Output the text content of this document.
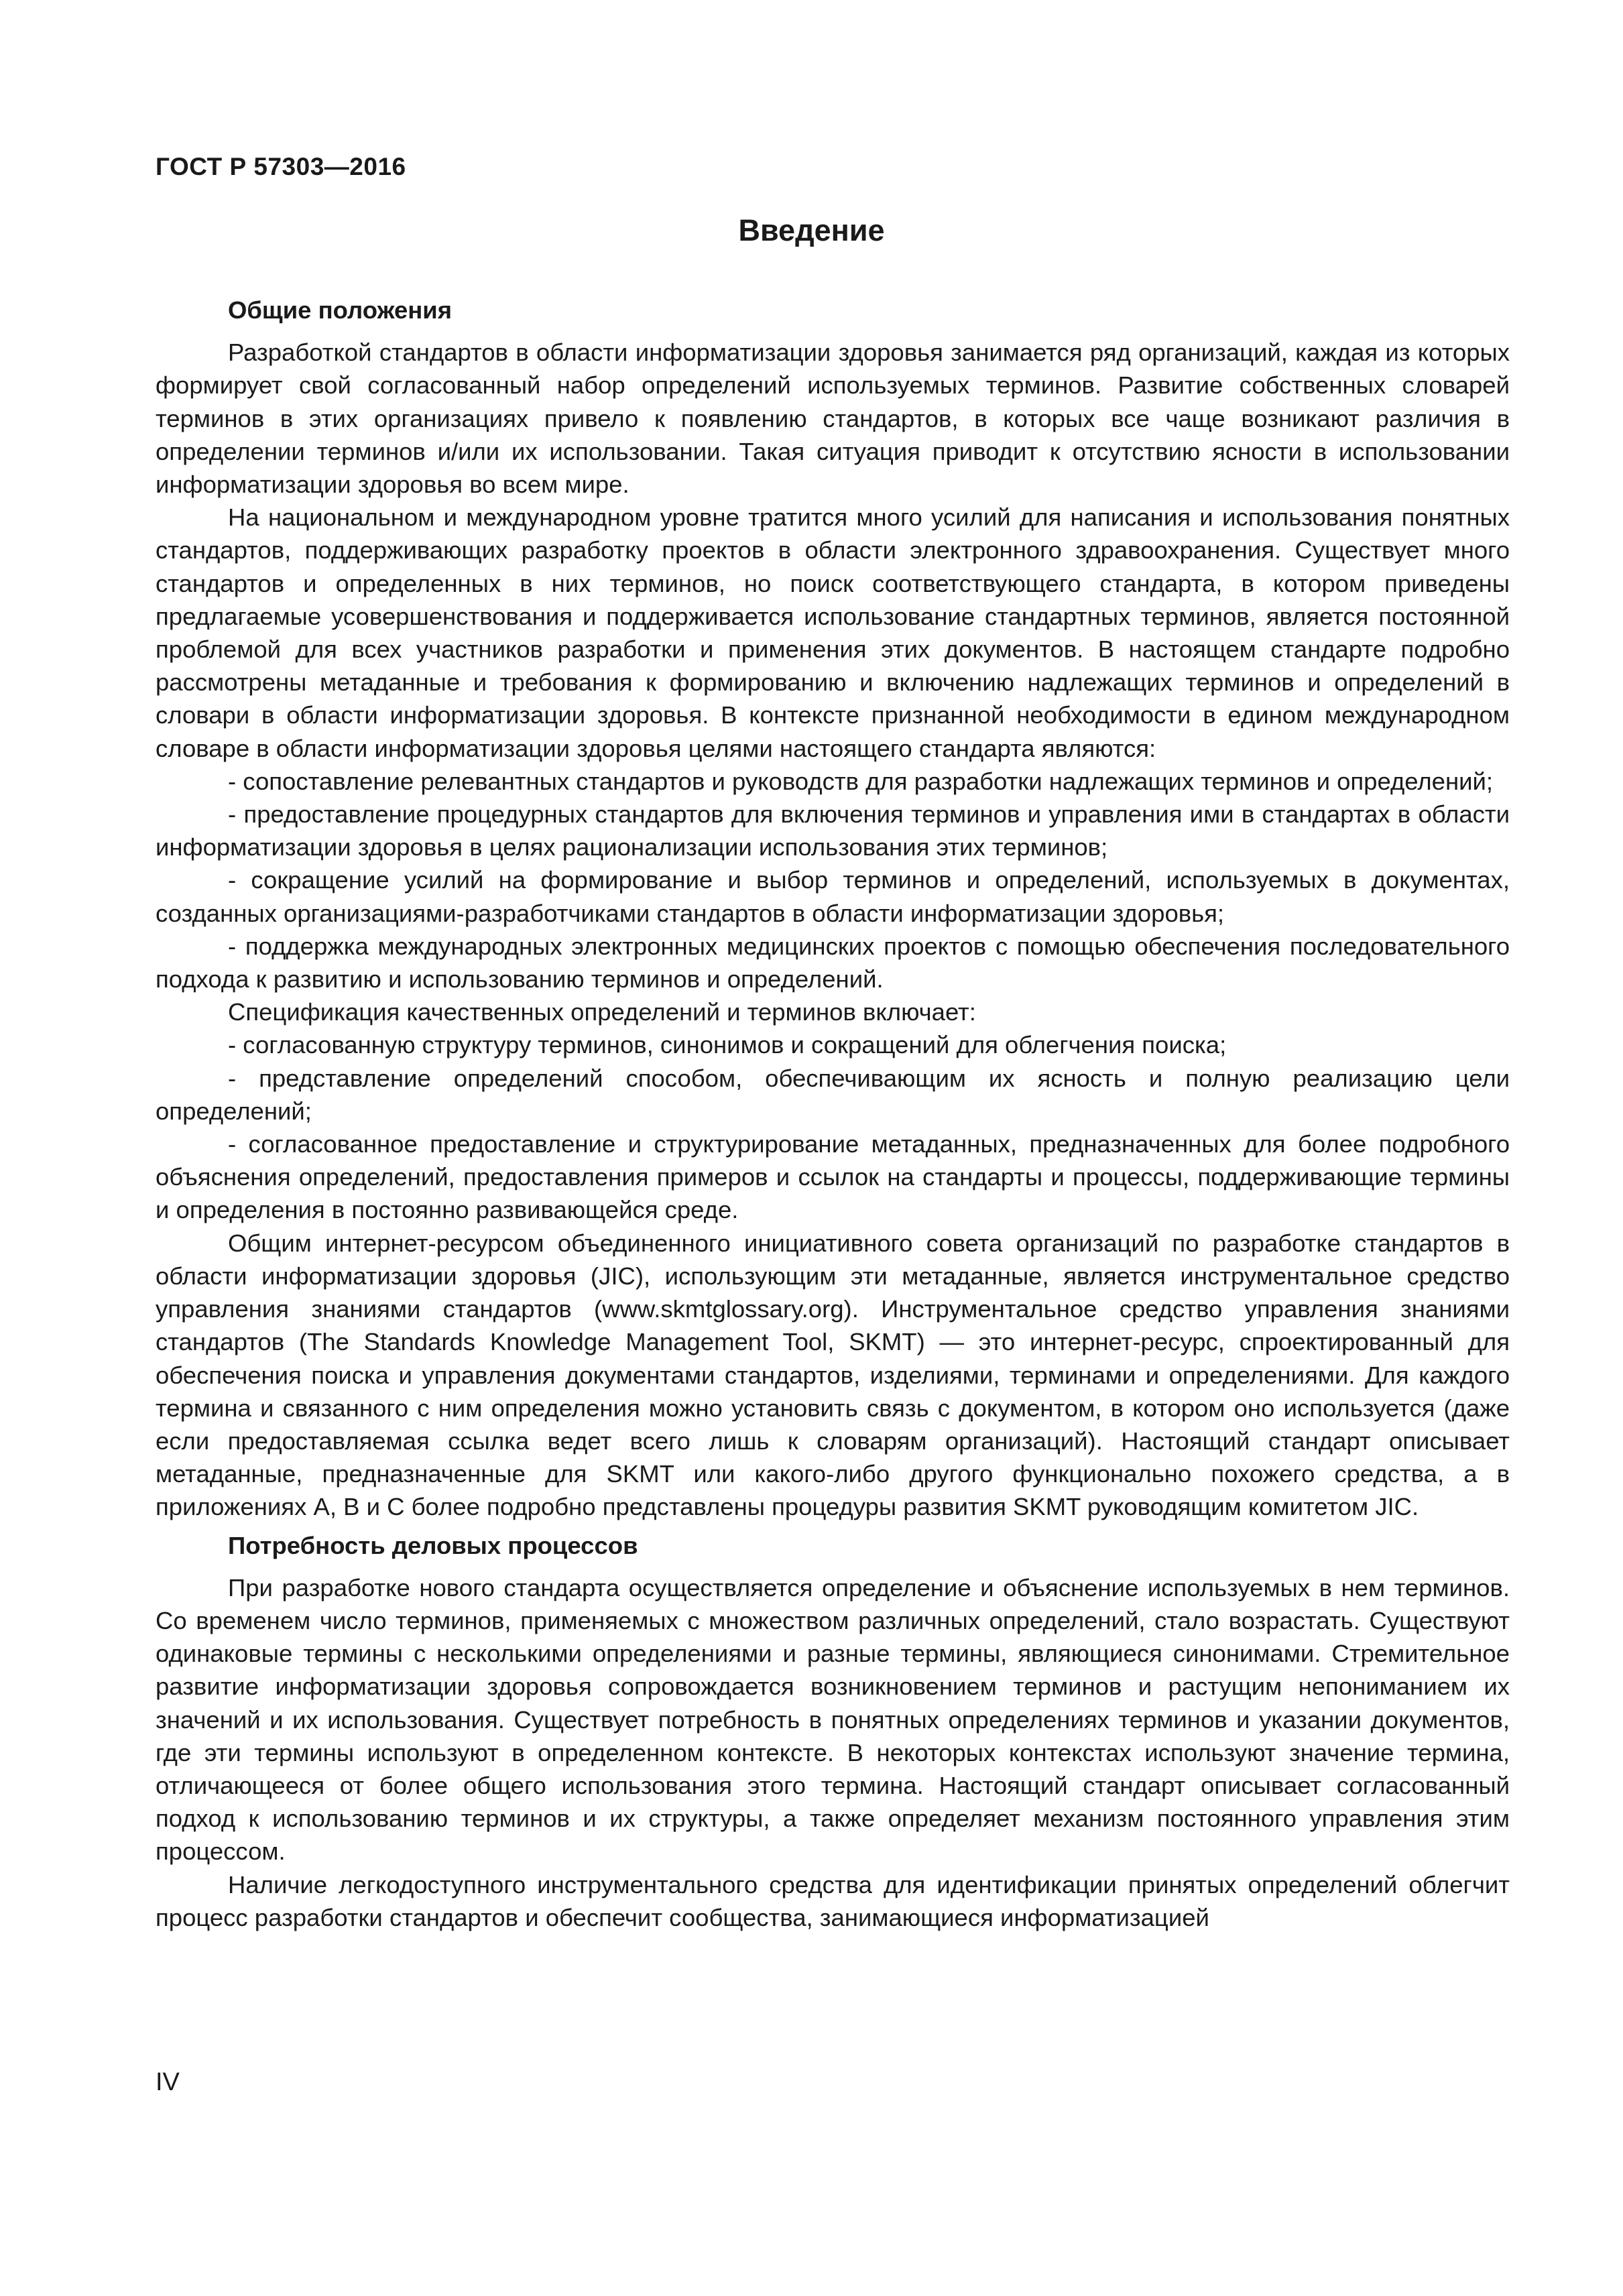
ГОСТ Р 57303—2016
Введение
Общие положения

Разработкой стандартов в области информатизации здоровья занимается ряд организаций, каждая из которых формирует свой согласованный набор определений используемых терминов. Развитие собственных словарей терминов в этих организациях привело к появлению стандартов, в которых все чаще возникают различия в определении терминов и/или их использовании. Такая ситуация приводит к отсутствию ясности в использовании информатизации здоровья во всем мире.

На национальном и международном уровне тратится много усилий для написания и использования понятных стандартов, поддерживающих разработку проектов в области электронного здравоохранения. Существует много стандартов и определенных в них терминов, но поиск соответствующего стандарта, в котором приведены предлагаемые усовершенствования и поддерживается использование стандартных терминов, является постоянной проблемой для всех участников разработки и применения этих документов. В настоящем стандарте подробно рассмотрены метаданные и требования к формированию и включению надлежащих терминов и определений в словари в области информатизации здоровья. В контексте признанной необходимости в едином международном словаре в области информатизации здоровья целями настоящего стандарта являются:

- сопоставление релевантных стандартов и руководств для разработки надлежащих терминов и определений;

- предоставление процедурных стандартов для включения терминов и управления ими в стандартах в области информатизации здоровья в целях рационализации использования этих терминов;

- сокращение усилий на формирование и выбор терминов и определений, используемых в документах, созданных организациями-разработчиками стандартов в области информатизации здоровья;

- поддержка международных электронных медицинских проектов с помощью обеспечения последовательного подхода к развитию и использованию терминов и определений.

Спецификация качественных определений и терминов включает:

- согласованную структуру терминов, синонимов и сокращений для облегчения поиска;

- представление определений способом, обеспечивающим их ясность и полную реализацию цели определений;

- согласованное предоставление и структурирование метаданных, предназначенных для более подробного объяснения определений, предоставления примеров и ссылок на стандарты и процессы, поддерживающие термины и определения в постоянно развивающейся среде.

Общим интернет-ресурсом объединенного инициативного совета организаций по разработке стандартов в области информатизации здоровья (JIC), использующим эти метаданные, является инструментальное средство управления знаниями стандартов (www.skmtglossary.org). Инструментальное средство управления знаниями стандартов (The Standards Knowledge Management Tool, SKMT) — это интернет-ресурс, спроектированный для обеспечения поиска и управления документами стандартов, изделиями, терминами и определениями. Для каждого термина и связанного с ним определения можно установить связь с документом, в котором оно используется (даже если предоставляемая ссылка ведет всего лишь к словарям организаций). Настоящий стандарт описывает метаданные, предназначенные для SKMT или какого-либо другого функционально похожего средства, а в приложениях А, В и С более подробно представлены процедуры развития SKMT руководящим комитетом JIC.

Потребность деловых процессов

При разработке нового стандарта осуществляется определение и объяснение используемых в нем терминов. Со временем число терминов, применяемых с множеством различных определений, стало возрастать. Существуют одинаковые термины с несколькими определениями и разные термины, являющиеся синонимами. Стремительное развитие информатизации здоровья сопровождается возникновением терминов и растущим непониманием их значений и их использования. Существует потребность в понятных определениях терминов и указании документов, где эти термины используют в определенном контексте. В некоторых контекстах используют значение термина, отличающееся от более общего использования этого термина. Настоящий стандарт описывает согласованный подход к использованию терминов и их структуры, а также определяет механизм постоянного управления этим процессом.

Наличие легкодоступного инструментального средства для идентификации принятых определений облегчит процесс разработки стандартов и обеспечит сообщества, занимающиеся информатизацией

IV
